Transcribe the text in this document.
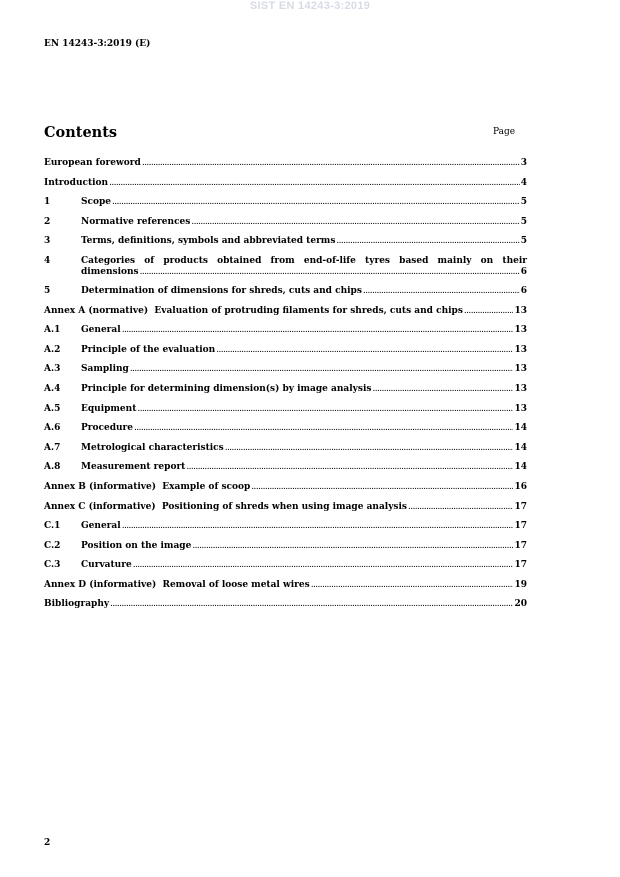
SIST EN 14243-3:2019
EN 14243-3:2019 (E)
Contents	Page
European foreword .....	3
Introduction .....	4
1	Scope .....	5
2	Normative references .....	5
3	Terms, definitions, symbols and abbreviated terms .....	5
4	Categories of products obtained from end-of-life tyres based mainly on their
dimensions .....	6
5	Determination of dimensions for shreds, cuts and chips .....	6
Annex A (normative)  Evaluation of protruding filaments for shreds, cuts and chips .....	13
A.1	General .....	13
A.2	Principle of the evaluation .....	13
A.3	Sampling .....	13
A.4	Principle for determining dimension(s) by image analysis .....	13
A.5	Equipment .....	13
A.6	Procedure .....	14
A.7	Metrological characteristics .....	14
A.8	Measurement report .....	14
Annex B (informative)  Example of scoop .....	16
Annex C (informative)  Positioning of shreds when using image analysis .....	17
C.1	General .....	17
C.2	Position on the image .....	17
C.3	Curvature .....	17
Annex D (informative)  Removal of loose metal wires .....	19
Bibliography .....	20
2
